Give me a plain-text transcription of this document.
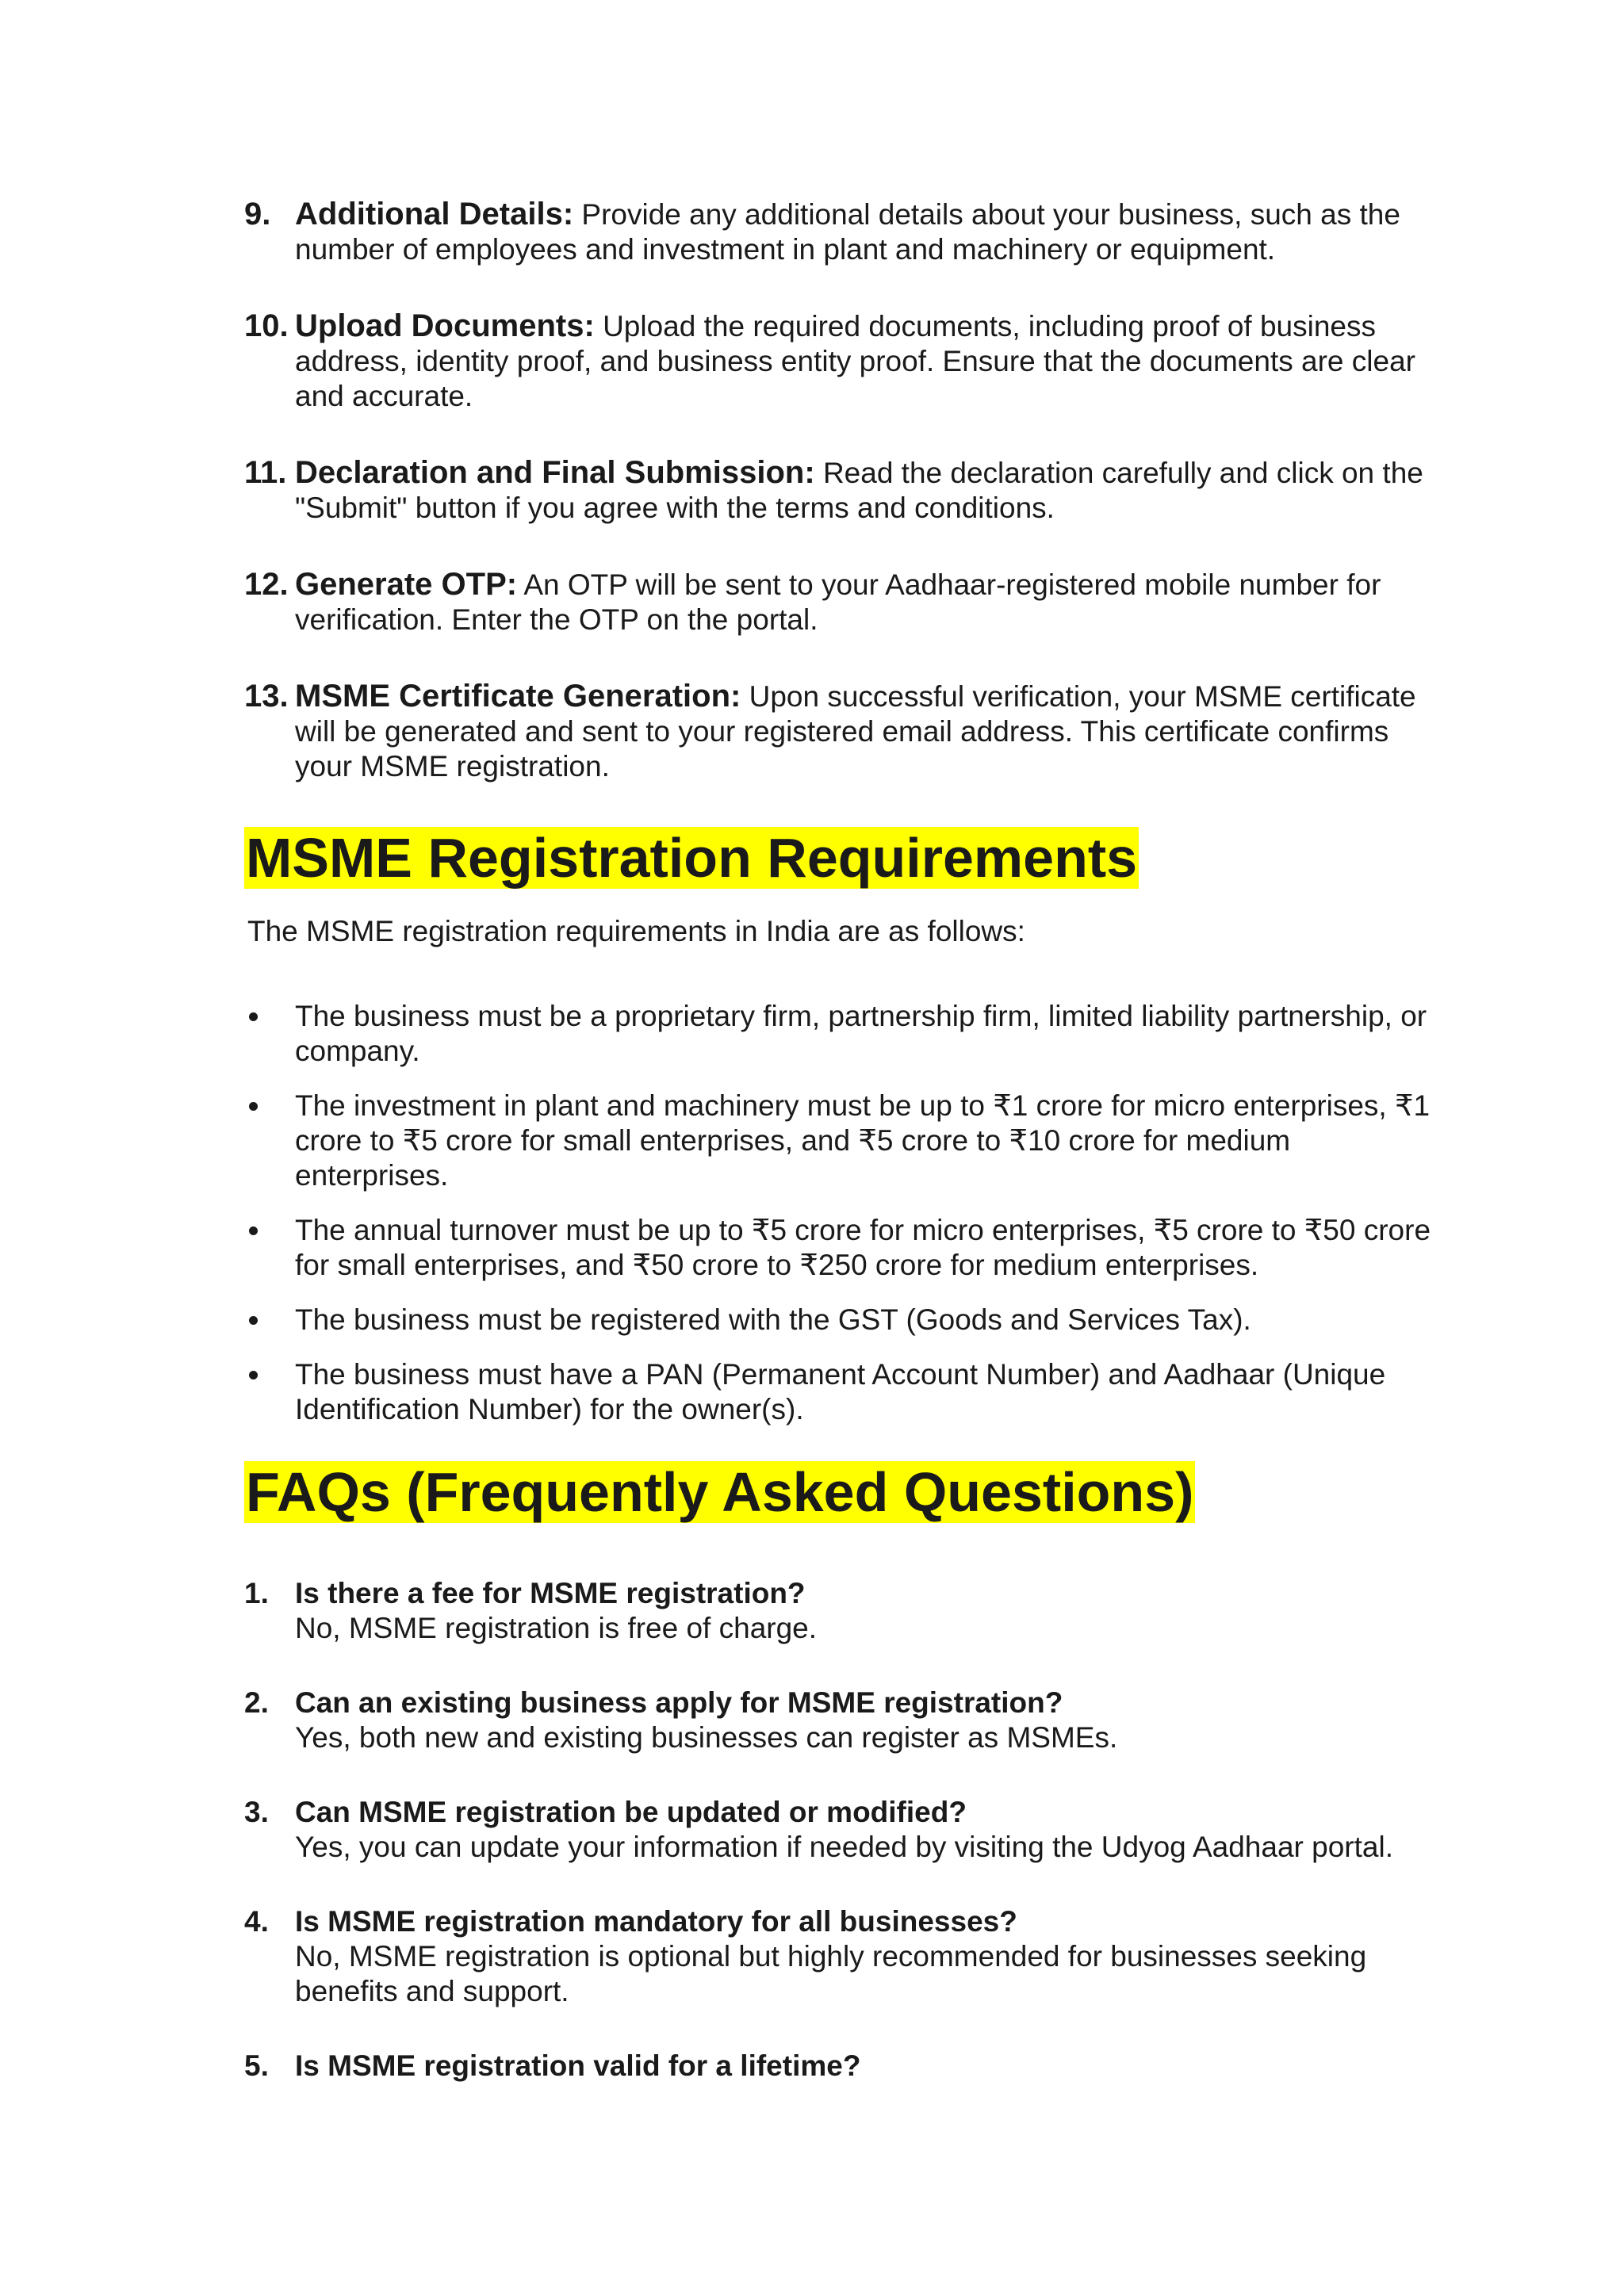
9. Additional Details: Provide any additional details about your business, such as the number of employees and investment in plant and machinery or equipment.
10. Upload Documents: Upload the required documents, including proof of business address, identity proof, and business entity proof. Ensure that the documents are clear and accurate.
11. Declaration and Final Submission: Read the declaration carefully and click on the "Submit" button if you agree with the terms and conditions.
12. Generate OTP: An OTP will be sent to your Aadhaar-registered mobile number for verification. Enter the OTP on the portal.
13. MSME Certificate Generation: Upon successful verification, your MSME certificate will be generated and sent to your registered email address. This certificate confirms your MSME registration.
MSME Registration Requirements
The MSME registration requirements in India are as follows:
The business must be a proprietary firm, partnership firm, limited liability partnership, or company.
The investment in plant and machinery must be up to ₹1 crore for micro enterprises, ₹1 crore to ₹5 crore for small enterprises, and ₹5 crore to ₹10 crore for medium enterprises.
The annual turnover must be up to ₹5 crore for micro enterprises, ₹5 crore to ₹50 crore for small enterprises, and ₹50 crore to ₹250 crore for medium enterprises.
The business must be registered with the GST (Goods and Services Tax).
The business must have a PAN (Permanent Account Number) and Aadhaar (Unique Identification Number) for the owner(s).
FAQs (Frequently Asked Questions)
1. Is there a fee for MSME registration?
No, MSME registration is free of charge.
2. Can an existing business apply for MSME registration?
Yes, both new and existing businesses can register as MSMEs.
3. Can MSME registration be updated or modified?
Yes, you can update your information if needed by visiting the Udyog Aadhaar portal.
4. Is MSME registration mandatory for all businesses?
No, MSME registration is optional but highly recommended for businesses seeking benefits and support.
5. Is MSME registration valid for a lifetime?
